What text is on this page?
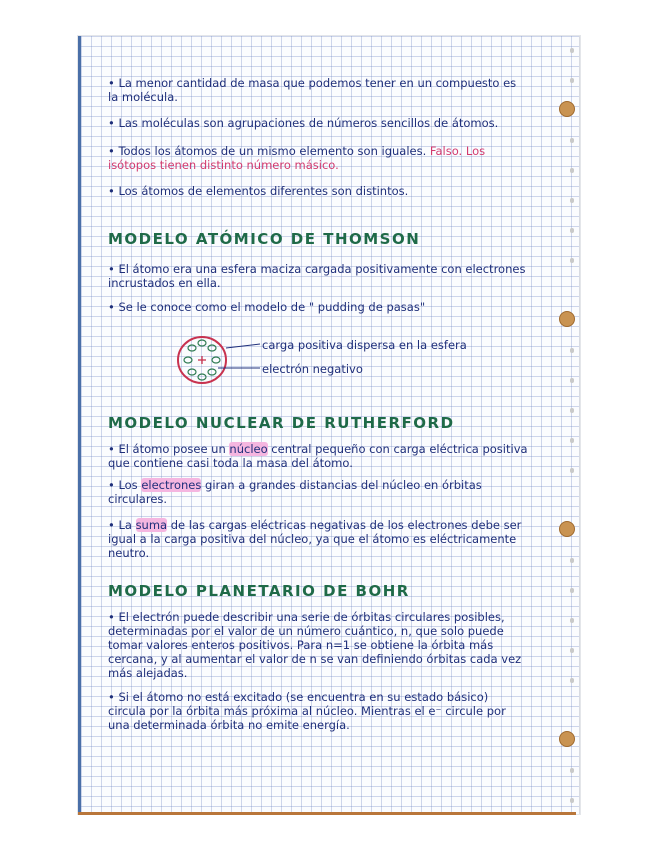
• La menor cantidad de masa que podemos tener en un compuesto es la molécula.

• Las moléculas son agrupaciones de números sencillos de átomos.

• Todos los átomos de un mismo elemento son iguales. Falso. Los isótopos tienen distinto número másico.

• Los átomos de elementos diferentes son distintos.

MODELO ATÓMICO DE THOMSON

• El átomo era una esfera maciza cargada positivamente con electrones incrustados en ella.

• Se le conoce como el modelo de " pudding de pasas"

carga positiva dispersa en la esfera

electrón negativo

MODELO NUCLEAR DE RUTHERFORD

• El átomo posee un núcleo central pequeño con carga eléctrica positiva que contiene casi toda la masa del átomo.

• Los electrones giran a grandes distancias del núcleo en órbitas circulares.

• La suma de las cargas eléctricas negativas de los electrones debe ser igual a la carga positiva del núcleo, ya que el átomo es eléctricamente neutro.

MODELO PLANETARIO DE BOHR

• El electrón puede describir una serie de órbitas circulares posibles, determinadas por el valor de un número cuántico, n, que solo puede tomar valores enteros positivos. Para n=1 se obtiene la órbita más cercana, y al aumentar el valor de n se van definiendo órbitas cada vez más alejadas.

• Si el átomo no está excitado (se encuentra en su estado básico) circula por la órbita más próxima al núcleo. Mientras el e⁻ circule por una determinada órbita no emite energía.
